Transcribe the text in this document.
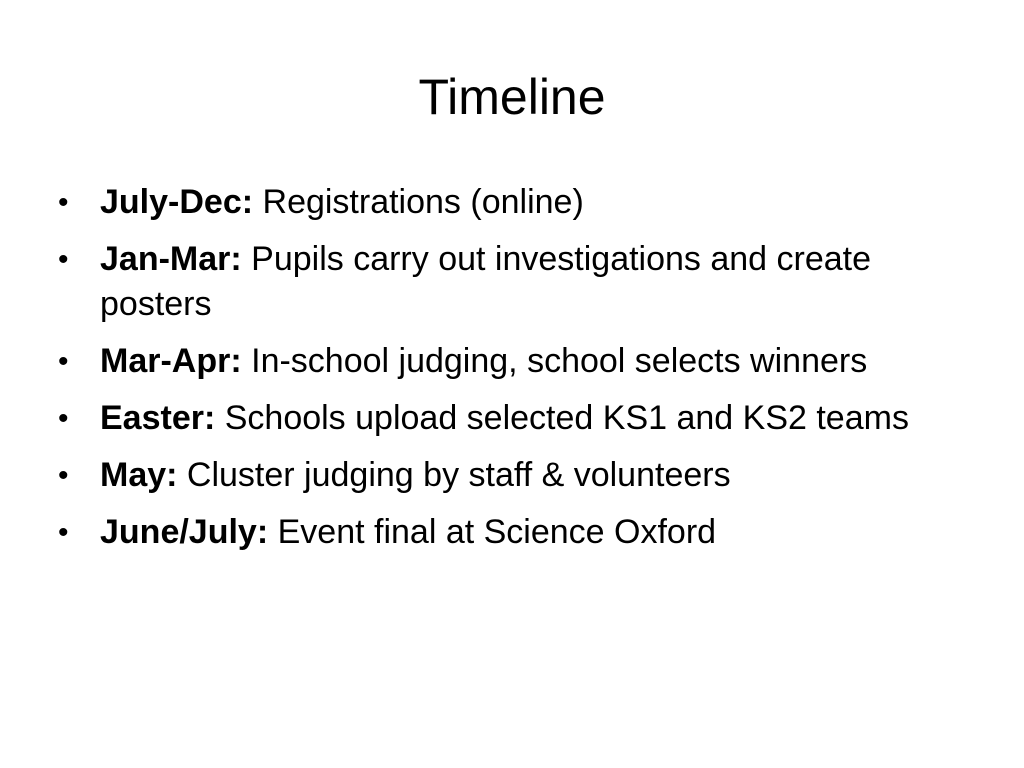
Timeline
• July-Dec: Registrations (online)
• Jan-Mar: Pupils carry out investigations and create posters
• Mar-Apr: In-school judging, school selects winners
• Easter: Schools upload selected KS1 and KS2 teams
• May: Cluster judging by staff & volunteers
• June/July: Event final at Science Oxford
